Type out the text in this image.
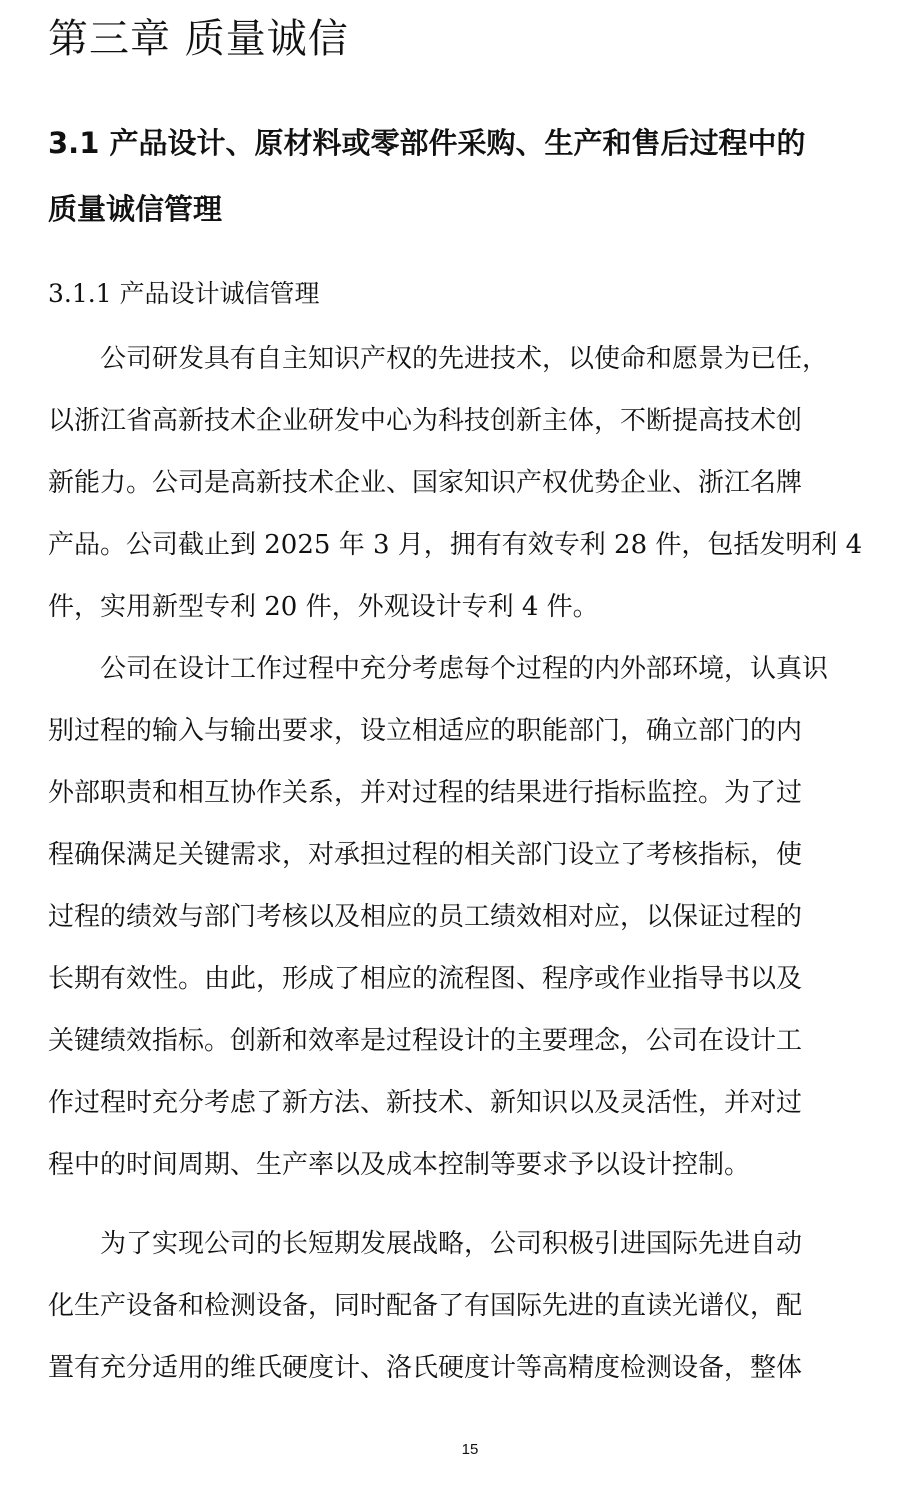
第三章 质量诚信
3.1 产品设计、原材料或零部件采购、生产和售后过程中的
质量诚信管理
3.1.1 产品设计诚信管理

　　公司研发具有自主知识产权的先进技术，以使命和愿景为已任，
以浙江省高新技术企业研发中心为科技创新主体，不断提高技术创
新能力。公司是高新技术企业、国家知识产权优势企业、浙江名牌
产品。公司截止到 2025 年 3 月，拥有有效专利 28 件，包括发明利 4
件，实用新型专利 20 件，外观设计专利 4 件。

　　公司在设计工作过程中充分考虑每个过程的内外部环境，认真识
别过程的输入与输出要求，设立相适应的职能部门，确立部门的内
外部职责和相互协作关系，并对过程的结果进行指标监控。为了过
程确保满足关键需求，对承担过程的相关部门设立了考核指标，使
过程的绩效与部门考核以及相应的员工绩效相对应，以保证过程的
长期有效性。由此，形成了相应的流程图、程序或作业指导书以及
关键绩效指标。创新和效率是过程设计的主要理念，公司在设计工
作过程时充分考虑了新方法、新技术、新知识以及灵活性，并对过
程中的时间周期、生产率以及成本控制等要求予以设计控制。

　　为了实现公司的长短期发展战略，公司积极引进国际先进自动
化生产设备和检测设备，同时配备了有国际先进的直读光谱仪，配
置有充分适用的维氏硬度计、洛氏硬度计等高精度检测设备，整体

15
